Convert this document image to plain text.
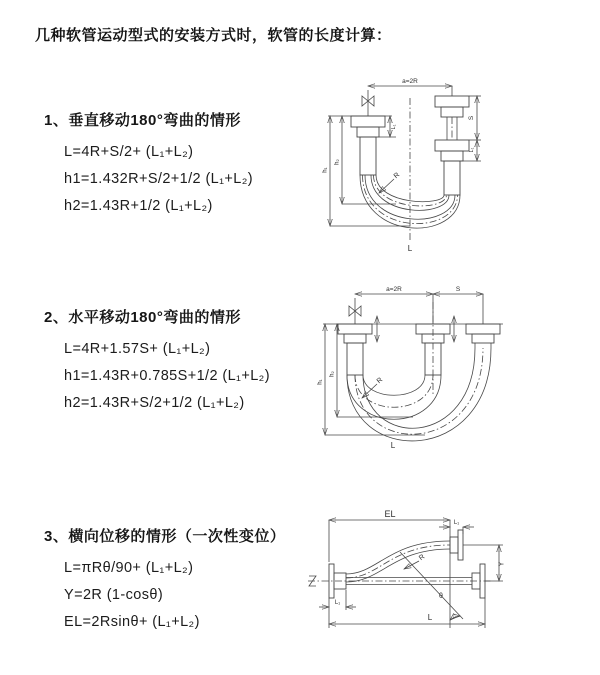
几种软管运动型式的安装方式时，软管的长度计算：
1、垂直移动180°弯曲的情形
L=4R+S/2+ (L₁+L₂)
h1=1.432R+S/2+1/2 (L₁+L₂)
h2=1.43R+1/2 (L₁+L₂)
2、水平移动180°弯曲的情形
L=4R+1.57S+ (L₁+L₂)
h1=1.43R+0.785S+1/2 (L₁+L₂)
h2=1.43R+S/2+1/2 (L₁+L₂)
3、横向位移的情形（一次性变位）
L=πRθ/90+ (L₁+L₂)
Y=2R (1-cosθ)
EL=2Rsinθ+ (L₁+L₂)
a=2R
L₁
S
L₁
h₁
h₂
R
L
a=2R	S
h₁
h₂
R
L
EL
L₁
Y
θ
R
L
L₁
